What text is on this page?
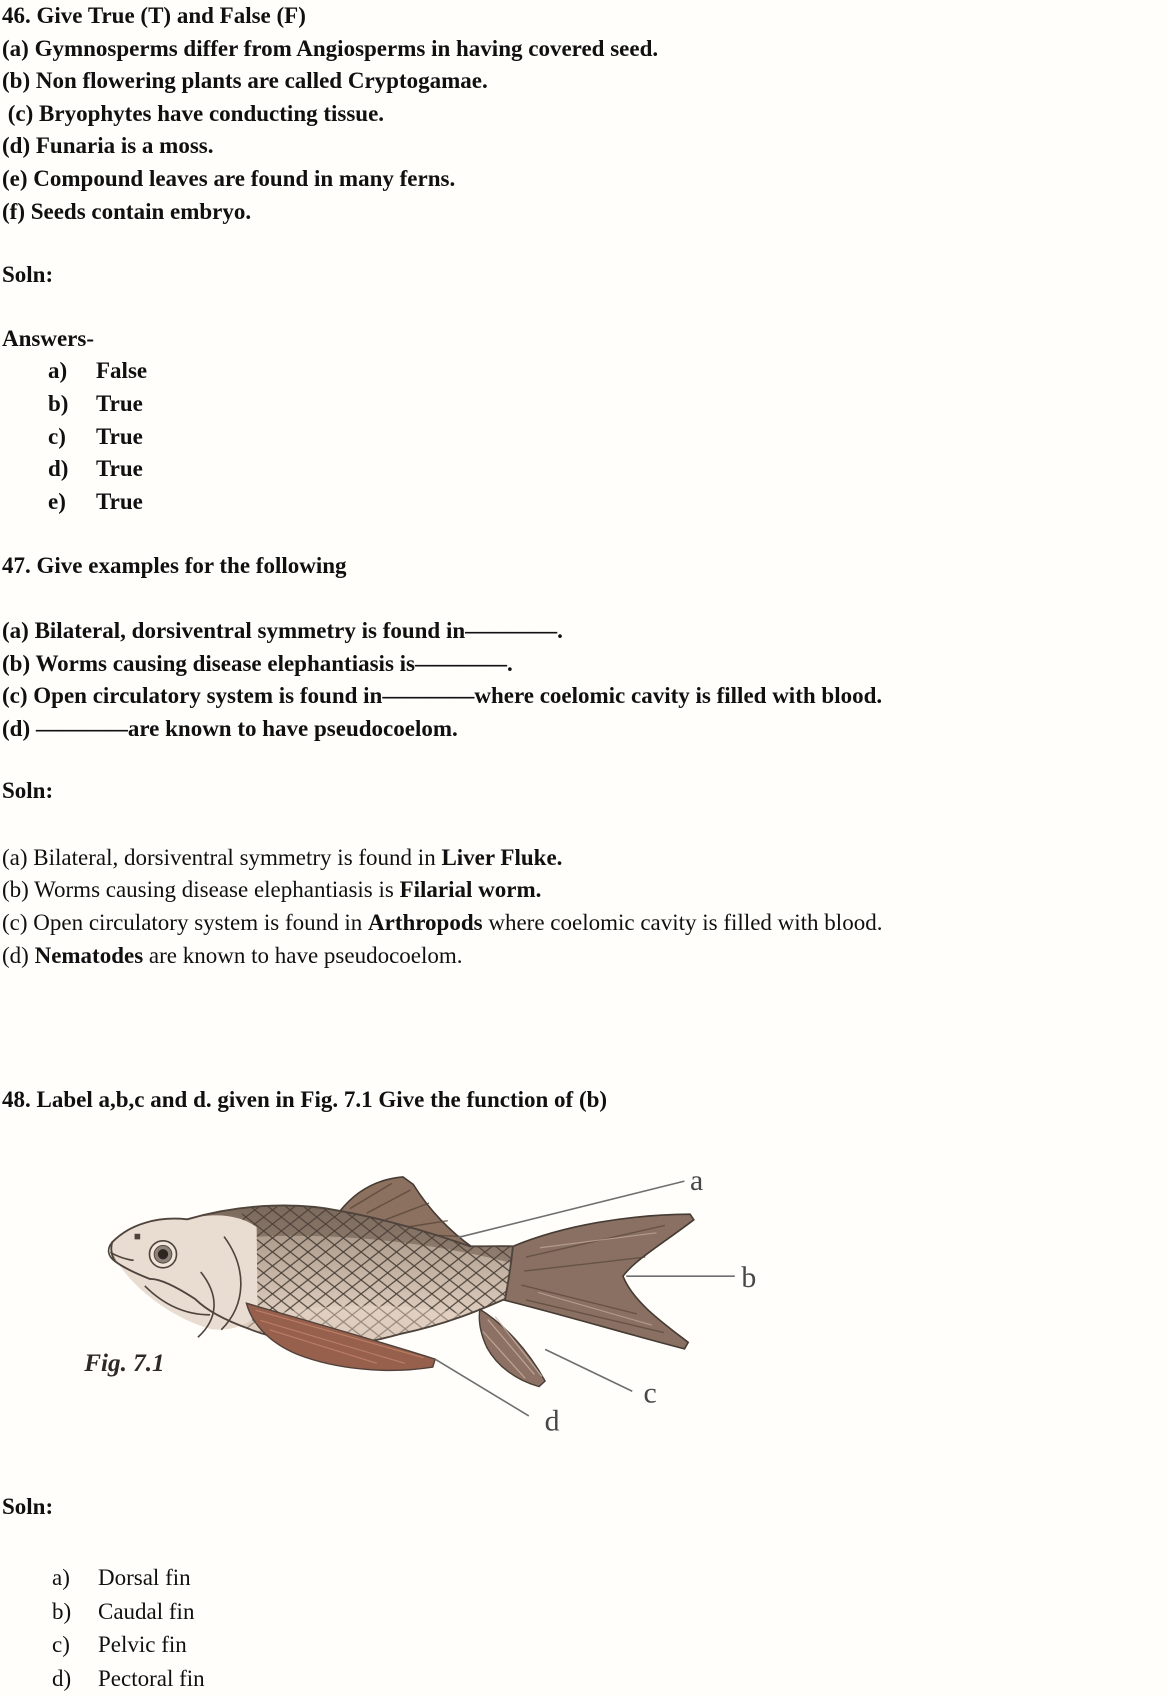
46. Give True (T) and False (F)
(a) Gymnosperms differ from Angiosperms in having covered seed.
(b) Non flowering plants are called Cryptogamae.
(c) Bryophytes have conducting tissue.
(d) Funaria is a moss.
(e) Compound leaves are found in many ferns.
(f) Seeds contain embryo.
Soln:
Answers-
a) False
b) True
c) True
d) True
e) True
47. Give examples for the following
(a) Bilateral, dorsiventral symmetry is found in————.
(b) Worms causing disease elephantiasis is————.
(c) Open circulatory system is found in————where coelomic cavity is filled with blood.
(d) ————are known to have pseudocoelom.
Soln:
(a) Bilateral, dorsiventral symmetry is found in Liver Fluke.
(b) Worms causing disease elephantiasis is Filarial worm.
(c) Open circulatory system is found in Arthropods where coelomic cavity is filled with blood.
(d) Nematodes are known to have pseudocoelom.
48. Label a,b,c and d. given in Fig. 7.1 Give the function of (b)
a
b
c
d
Fig. 7.1
Soln:
a) Dorsal fin
b) Caudal fin
c) Pelvic fin
d) Pectoral fin
